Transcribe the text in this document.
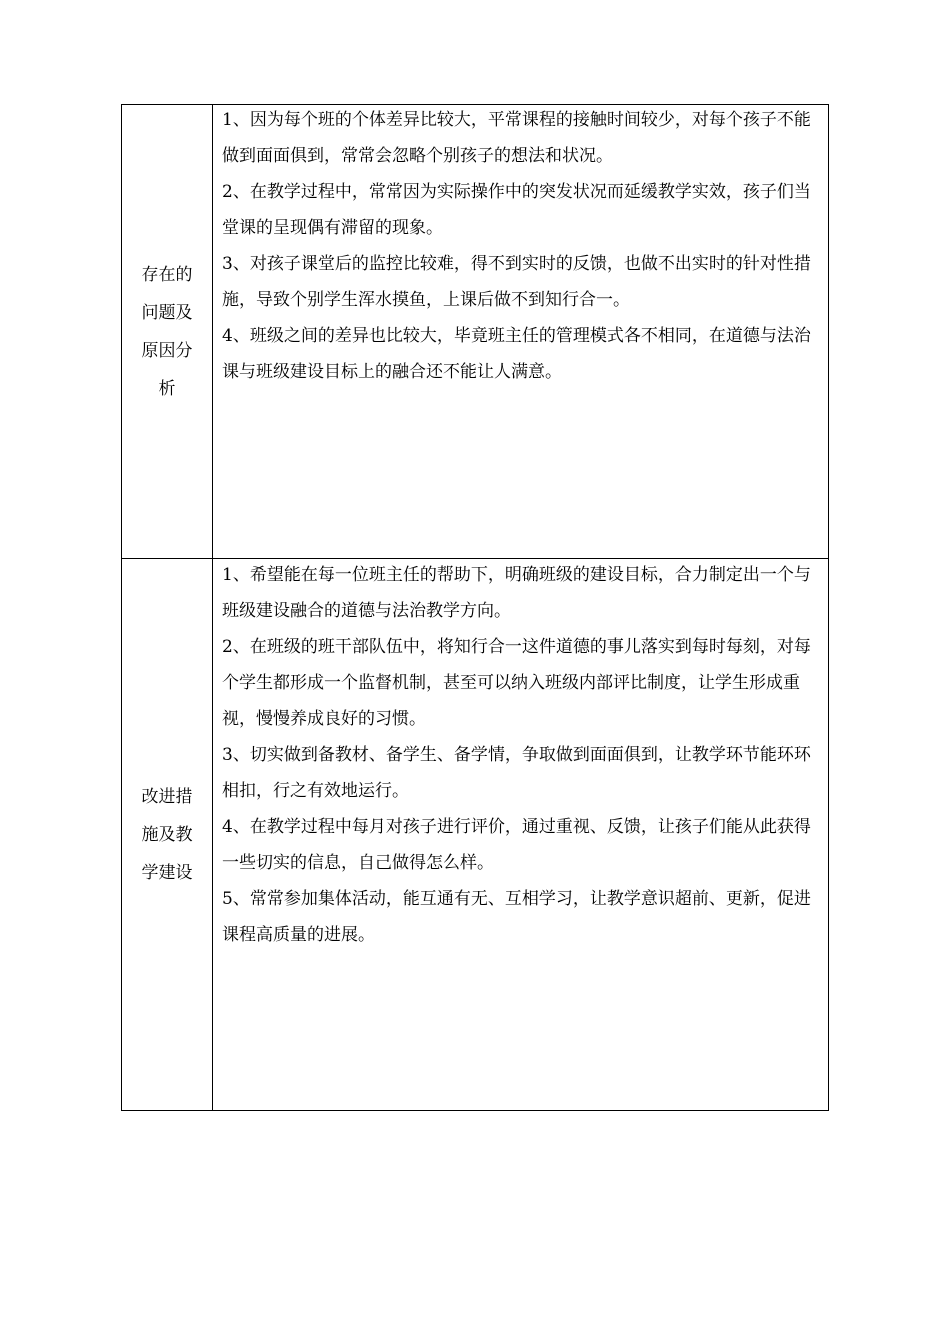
存在的问题及原因分析	1、因为每个班的个体差异比较大，平常课程的接触时间较少，对每个孩子不能做到面面俱到，常常会忽略个别孩子的想法和状况。

2、在教学过程中，常常因为实际操作中的突发状况而延缓教学实效，孩子们当堂课的呈现偶有滞留的现象。

3、对孩子课堂后的监控比较难，得不到实时的反馈，也做不出实时的针对性措施，导致个别学生浑水摸鱼，上课后做不到知行合一。

4、班级之间的差异也比较大，毕竟班主任的管理模式各不相同，在道德与法治课与班级建设目标上的融合还不能让人满意。

改进措施及教学建设	1、希望能在每一位班主任的帮助下，明确班级的建设目标，合力制定出一个与班级建设融合的道德与法治教学方向。

2、在班级的班干部队伍中，将知行合一这件道德的事儿落实到每时每刻，对每个学生都形成一个监督机制，甚至可以纳入班级内部评比制度，让学生形成重视，慢慢养成良好的习惯。

3、切实做到备教材、备学生、备学情，争取做到面面俱到，让教学环节能环环相扣，行之有效地运行。

4、在教学过程中每月对孩子进行评价，通过重视、反馈，让孩子们能从此获得一些切实的信息，自己做得怎么样。

5、常常参加集体活动，能互通有无、互相学习，让教学意识超前、更新，促进课程高质量的进展。
